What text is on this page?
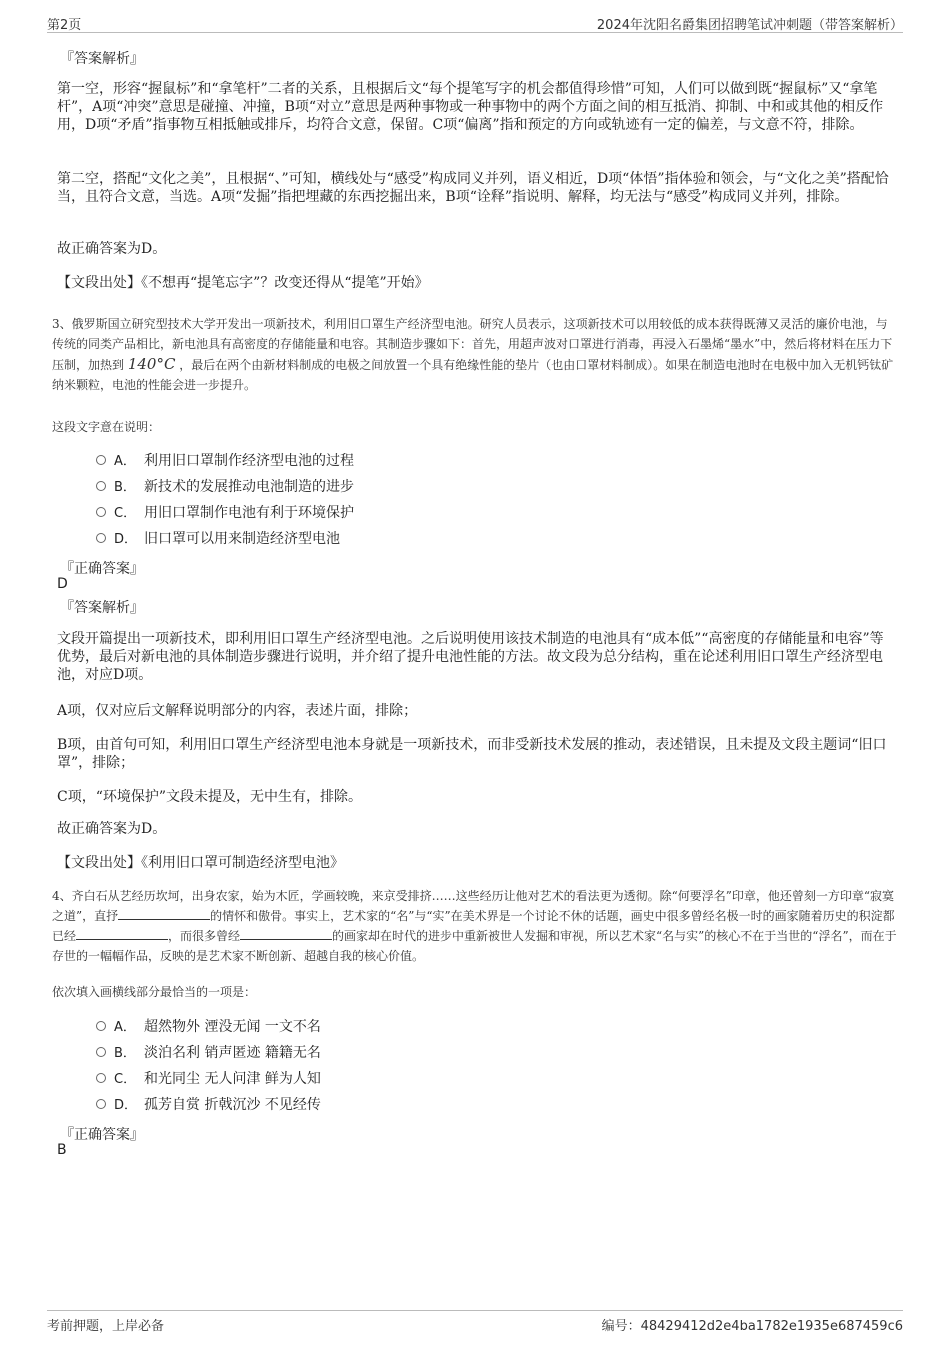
第2页	2024年沈阳名爵集团招聘笔试冲刺题（带答案解析）
『答案解析』
第一空，形容“握鼠标”和“拿笔杆”二者的关系，且根据后文“每个提笔写字的机会都值得珍惜”可知，人们可以做到既“握鼠标”又“拿笔杆”，A项“冲突”意思是碰撞、冲撞，B项“对立”意思是两种事物或一种事物中的两个方面之间的相互抵消、抑制、中和或其他的相反作用，D项“矛盾”指事物互相抵触或排斥，均符合文意，保留。C项“偏离”指和预定的方向或轨迹有一定的偏差，与文意不符，排除。
第二空，搭配“文化之美”，且根据“、”可知，横线处与“感受”构成同义并列，语义相近，D项“体悟”指体验和领会，与“文化之美”搭配恰当，且符合文意，当选。A项“发掘”指把埋藏的东西挖掘出来，B项“诠释”指说明、解释，均无法与“感受”构成同义并列，排除。
故正确答案为D。
【文段出处】《不想再“提笔忘字”？改变还得从“提笔”开始》
3、俄罗斯国立研究型技术大学开发出一项新技术，利用旧口罩生产经济型电池。研究人员表示，这项新技术可以用较低的成本获得既薄又灵活的廉价电池，与传统的同类产品相比，新电池具有高密度的存储能量和电容。其制造步骤如下：首先，用超声波对口罩进行消毒，再浸入石墨烯“墨水”中，然后将材料在压力下压制，加热到 140°C ，最后在两个由新材料制成的电极之间放置一个具有绝缘性能的垫片（也由口罩材料制成）。如果在制造电池时在电极中加入无机钙钛矿纳米颗粒，电池的性能会进一步提升。
这段文字意在说明：
A． 利用旧口罩制作经济型电池的过程
B． 新技术的发展推动电池制造的进步
C． 用旧口罩制作电池有利于环境保护
D． 旧口罩可以用来制造经济型电池
『正确答案』
D
『答案解析』
文段开篇提出一项新技术，即利用旧口罩生产经济型电池。之后说明使用该技术制造的电池具有“成本低”“高密度的存储能量和电容”等优势，最后对新电池的具体制造步骤进行说明，并介绍了提升电池性能的方法。故文段为总分结构，重在论述利用旧口罩生产经济型电池，对应D项。
A项，仅对应后文解释说明部分的内容，表述片面，排除；
B项，由首句可知，利用旧口罩生产经济型电池本身就是一项新技术，而非受新技术发展的推动，表述错误，且未提及文段主题词“旧口罩”，排除；
C项，“环境保护”文段未提及，无中生有，排除。
故正确答案为D。
【文段出处】《利用旧口罩可制造经济型电池》
4、齐白石从艺经历坎坷，出身农家，始为木匠，学画较晚，来京受排挤……这些经历让他对艺术的看法更为透彻。除“何要浮名”印章，他还曾刻一方印章“寂寞之道”，直抒	的情怀和傲骨。事实上，艺术家的“名”与“实”在美术界是一个讨论不休的话题，画史中很多曾经名极一时的画家随着历史的积淀都已经	，而很多曾经	的画家却在时代的进步中重新被世人发掘和审视，所以艺术家“名与实”的核心不在于当世的“浮名”，而在于存世的一幅幅作品，反映的是艺术家不断创新、超越自我的核心价值。
依次填入画横线部分最恰当的一项是：
A． 超然物外 湮没无闻 一文不名
B． 淡泊名利 销声匿迹 籍籍无名
C． 和光同尘 无人问津 鲜为人知
D． 孤芳自赏 折戟沉沙 不见经传
『正确答案』
B
考前押题，上岸必备	编号：48429412d2e4ba1782e1935e687459c6
